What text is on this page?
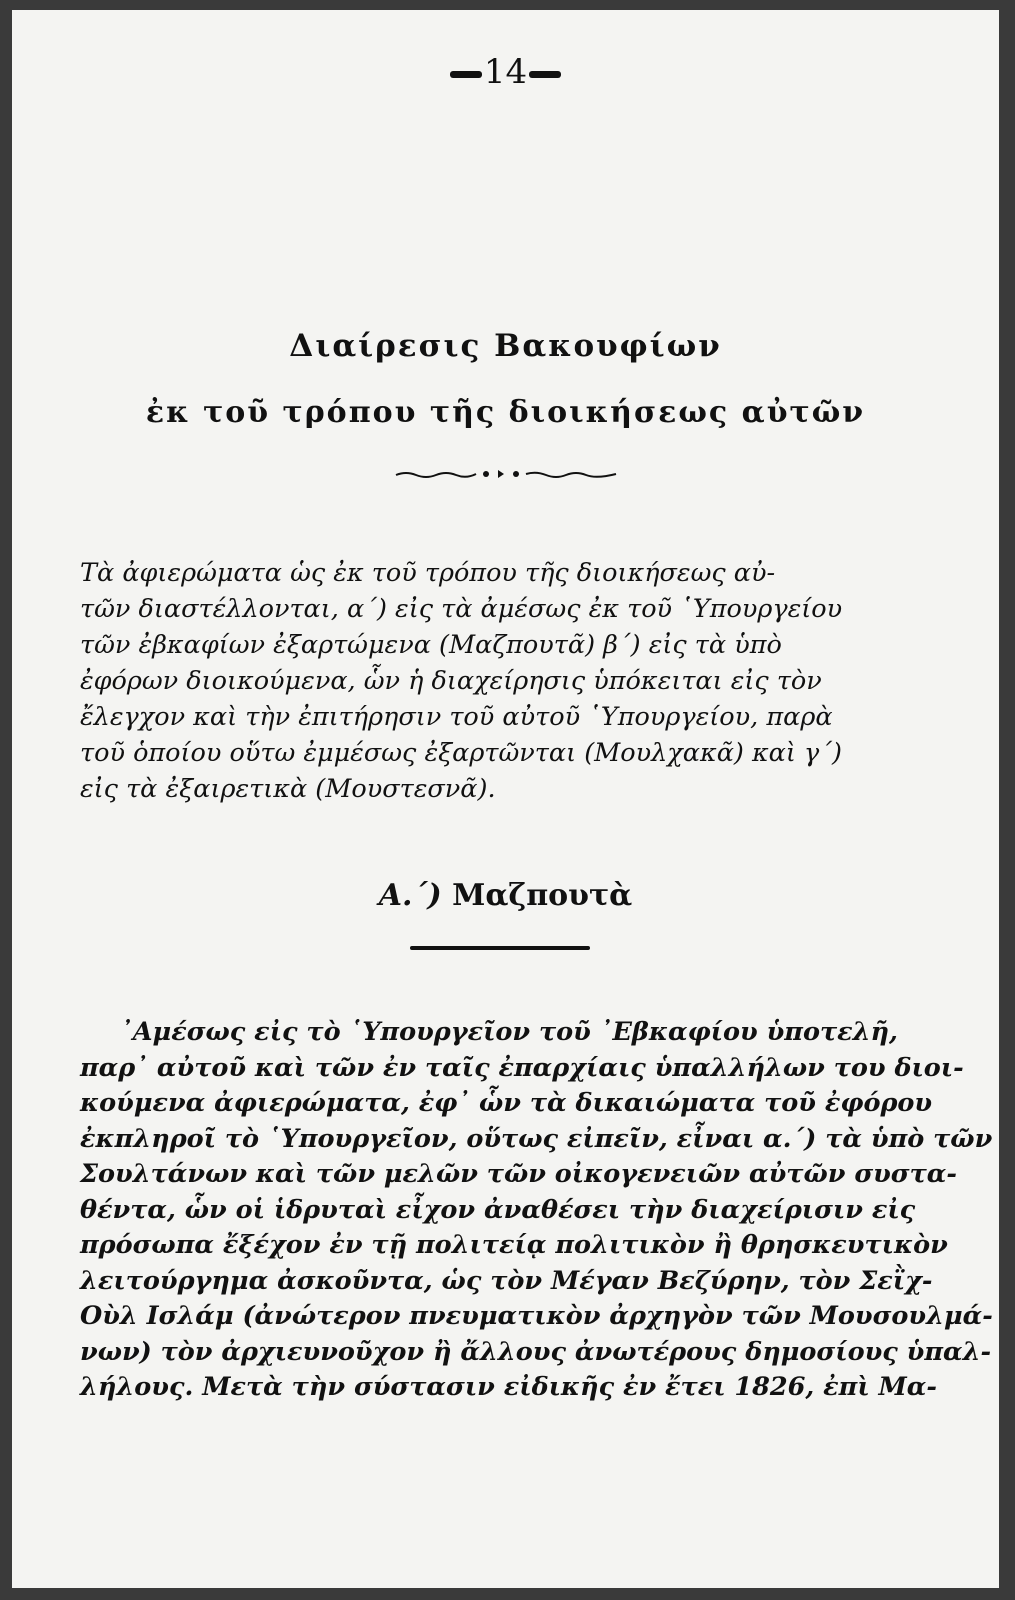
14
Διαίρεσις Βακουφίων
ἐκ τοῦ τρόπου τῆς διοικήσεως αὐτῶν
Τὰ ἀφιερώματα ὡς ἐκ τοῦ τρόπου τῆς διοικήσεως αὐ-
τῶν διαστέλλονται, α΄) εἰς τὰ ἀμέσως ἐκ τοῦ ῾Υπουργείου
τῶν ἐβκαφίων ἐξαρτώμενα (Μαζπουτᾶ) β΄) εἰς τὰ ὑπὸ
ἐφόρων διοικούμενα, ὧν ἡ διαχείρησις ὑπόκειται εἰς τὸν
ἔλεγχον καὶ τὴν ἐπιτήρησιν τοῦ αὐτοῦ ῾Υπουργείου, παρὰ
τοῦ ὁποίου οὕτω ἐμμέσως ἐξαρτῶνται (Μουλχακᾶ) καὶ γ΄)
εἰς τὰ ἐξαιρετικὰ (Μουστεσνᾶ).
Α.΄) Μαζπουτὰ
᾿Αμέσως εἰς τὸ ῾Υπουργεῖον τοῦ ᾿Εβκαφίου ὑποτελῆ,
παρ᾿ αὐτοῦ καὶ τῶν ἐν ταῖς ἐπαρχίαις ὑπαλλήλων του διοι-
κούμενα ἀφιερώματα, ἐφ᾿ ὧν τὰ δικαιώματα τοῦ ἐφόρου
ἐκπληροῖ τὸ ῾Υπουργεῖον, οὕτως εἰπεῖν, εἶναι α.΄) τὰ ὑπὸ τῶν
Σουλτάνων καὶ τῶν μελῶν τῶν οἰκογενειῶν αὐτῶν συστα-
θέντα, ὧν οἱ ἱδρυταὶ εἶχον ἀναθέσει τὴν διαχείρισιν εἰς
πρόσωπα ἔξέχον ἐν τῇ πολιτείᾳ πολιτικὸν ἢ θρησκευτικὸν
λειτούργημα ἀσκοῦντα, ὡς τὸν Μέγαν Βεζύρην, τὸν Σεῒχ-
Οὺλ Ισλάμ (ἀνώτερον πνευματικὸν ἀρχηγὸν τῶν Μουσουλμά-
νων) τὸν ἀρχιευνοῦχον ἢ ἄλλους ἀνωτέρους δημοσίους ὑπαλ-
λήλους. Μετὰ τὴν σύστασιν εἰδικῆς ἐν ἔτει 1826, ἐπὶ Μα-
